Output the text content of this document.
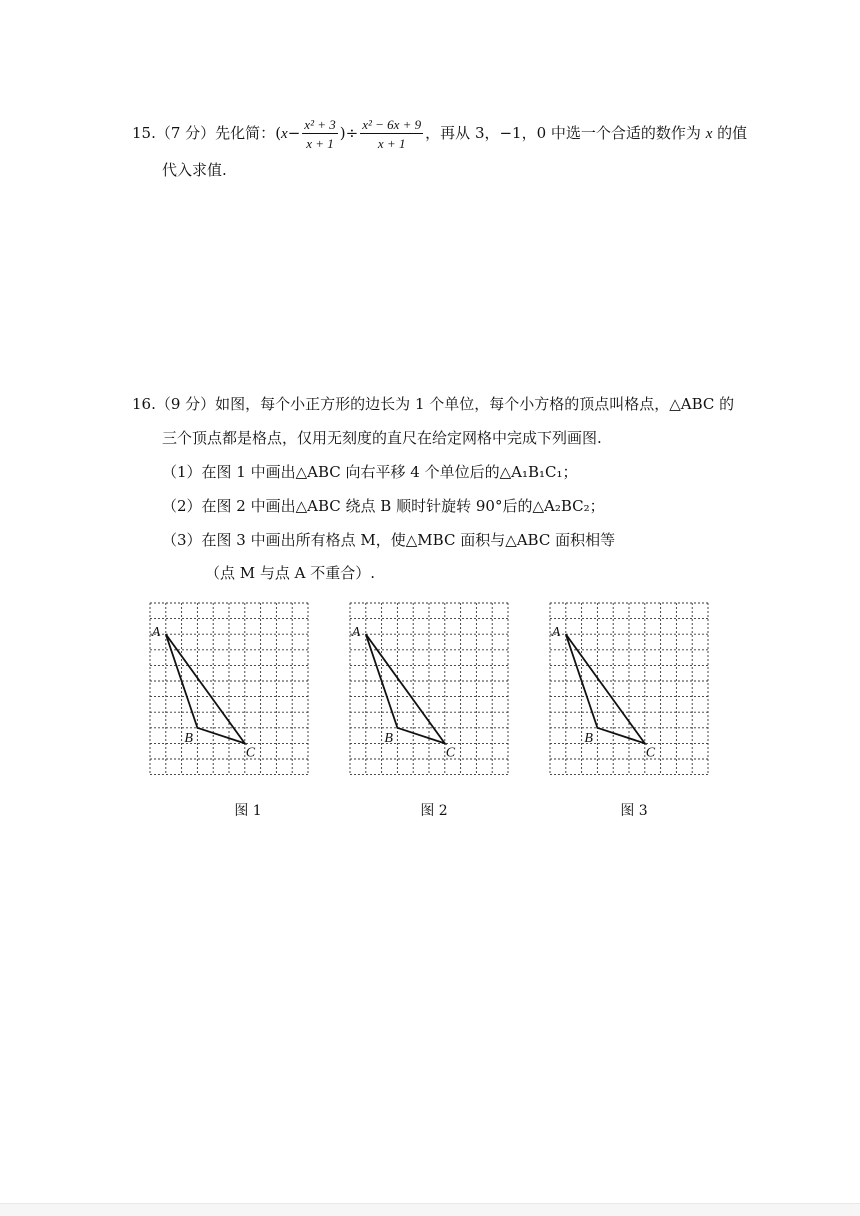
15.（7 分）先化简：($x- \frac{\text{x² + 3}}{x + 1}$ )÷ $\frac{\text{x² − 6x + 9}}{x + 1}$ ，再从 3，−1，0 中选一个合适的数作为 x 的值
代入求值.
16.（9 分）如图，每个小正方形的边长为 1 个单位，每个小方格的顶点叫格点，△ABC 的
三个顶点都是格点，仅用无刻度的直尺在给定网格中完成下列画图.
（1）在图 1 中画出△ABC 向右平移 4 个单位后的△A₁B₁C₁；
（2）在图 2 中画出△ABC 绕点 B 顺时针旋转 90°后的△A₂BC₂；
（3）在图 3 中画出所有格点 M，使△MBC 面积与△ABC 面积相等
（点 M 与点 A 不重合）.
A
B
C
A
B
C
A
B
C
图 1	图 2	图 3
